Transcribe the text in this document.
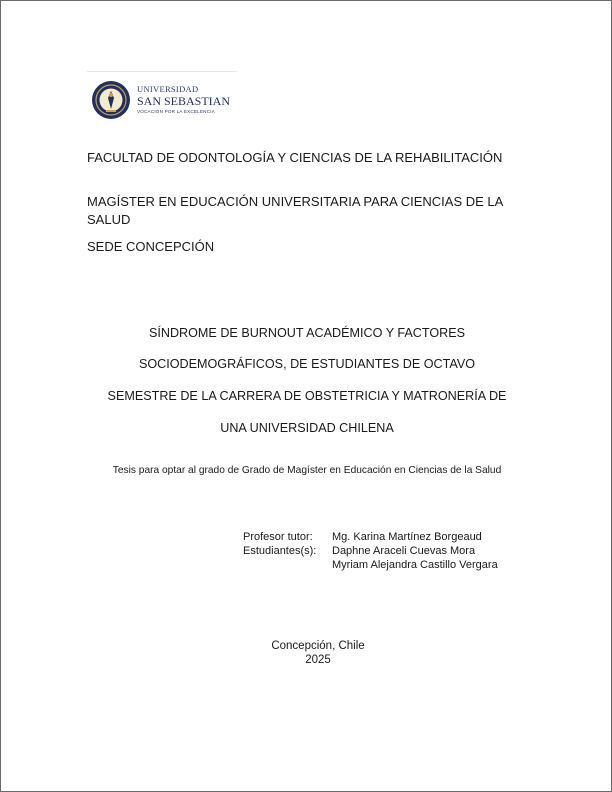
UNIVERSIDAD
SAN SEBASTIAN
VOCACIÓN POR LA EXCELENCIA
FACULTAD DE ODONTOLOGÍA Y CIENCIAS DE LA REHABILITACIÓN
MAGÍSTER EN EDUCACIÓN UNIVERSITARIA PARA CIENCIAS DE LA SALUD
SEDE CONCEPCIÓN
SÍNDROME DE BURNOUT ACADÉMICO Y FACTORES
SOCIODEMOGRÁFICOS, DE ESTUDIANTES DE OCTAVO
SEMESTRE DE LA CARRERA DE OBSTETRICIA Y MATRONERÍA DE
UNA UNIVERSIDAD CHILENA
Tesis para optar al grado de Grado de Magíster en Educación en Ciencias de la Salud
Profesor tutor:
Estudiantes(s):
Mg. Karina Martínez Borgeaud
Daphne Araceli Cuevas Mora
Myriam Alejandra Castillo Vergara
Concepción, Chile
2025
